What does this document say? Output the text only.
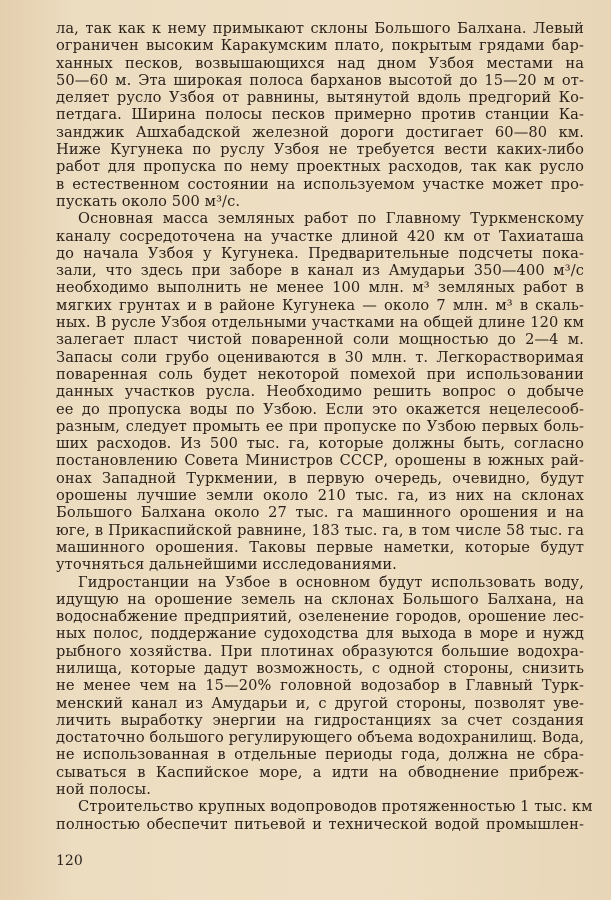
ла, так как к нему примыкают склоны Большого Балхана. Левый
ограничен высоким Каракумским плато, покрытым грядами бар-
ханных песков, возвышающихся над дном Узбоя местами на
50—60 м. Эта широкая полоса барханов высотой до 15—20 м от-
деляет русло Узбоя от равнины, вытянутой вдоль предгорий Ко-
петдага. Ширина полосы песков примерно против станции Ка-
занджик Ашхабадской железной дороги достигает 60—80 км.
Ниже Кугунека по руслу Узбоя не требуется вести каких-либо
работ для пропуска по нему проектных расходов, так как русло
в естественном состоянии на используемом участке может про-
пускать около 500 м³/с.
Основная масса земляных работ по Главному Туркменскому
каналу сосредоточена на участке длиной 420 км от Тахиаташа
до начала Узбоя у Кугунека. Предварительные подсчеты пока-
зали, что здесь при заборе в канал из Амударьи 350—400 м³/с
необходимо выполнить не менее 100 млн. м³ земляных работ в
мягких грунтах и в районе Кугунека — около 7 млн. м³ в скаль-
ных. В русле Узбоя отдельными участками на общей длине 120 км
залегает пласт чистой поваренной соли мощностью до 2—4 м.
Запасы соли грубо оцениваются в 30 млн. т. Легкорастворимая
поваренная соль будет некоторой помехой при использовании
данных участков русла. Необходимо решить вопрос о добыче
ее до пропуска воды по Узбою. Если это окажется нецелесооб-
разным, следует промыть ее при пропуске по Узбою первых боль-
ших расходов. Из 500 тыс. га, которые должны быть, согласно
постановлению Совета Министров СССР, орошены в южных рай-
онах Западной Туркмении, в первую очередь, очевидно, будут
орошены лучшие земли около 210 тыс. га, из них на склонах
Большого Балхана около 27 тыс. га машинного орошения и на
юге, в Прикаспийской равнине, 183 тыс. га, в том числе 58 тыс. га
машинного орошения. Таковы первые наметки, которые будут
уточняться дальнейшими исследованиями.
Гидростанции на Узбое в основном будут использовать воду,
идущую на орошение земель на склонах Большого Балхана, на
водоснабжение предприятий, озеленение городов, орошение лес-
ных полос, поддержание судоходства для выхода в море и нужд
рыбного хозяйства. При плотинах образуются большие водохра-
нилища, которые дадут возможность, с одной стороны, снизить
не менее чем на 15—20% головной водозабор в Главный Турк-
менский канал из Амударьи и, с другой стороны, позволят уве-
личить выработку энергии на гидростанциях за счет создания
достаточно большого регулирующего объема водохранилищ. Вода,
не использованная в отдельные периоды года, должна не сбра-
сываться в Каспийское море, а идти на обводнение прибреж-
ной полосы.
Строительство крупных водопроводов протяженностью 1 тыс. км
полностью обеспечит питьевой и технической водой промышлен-
120
